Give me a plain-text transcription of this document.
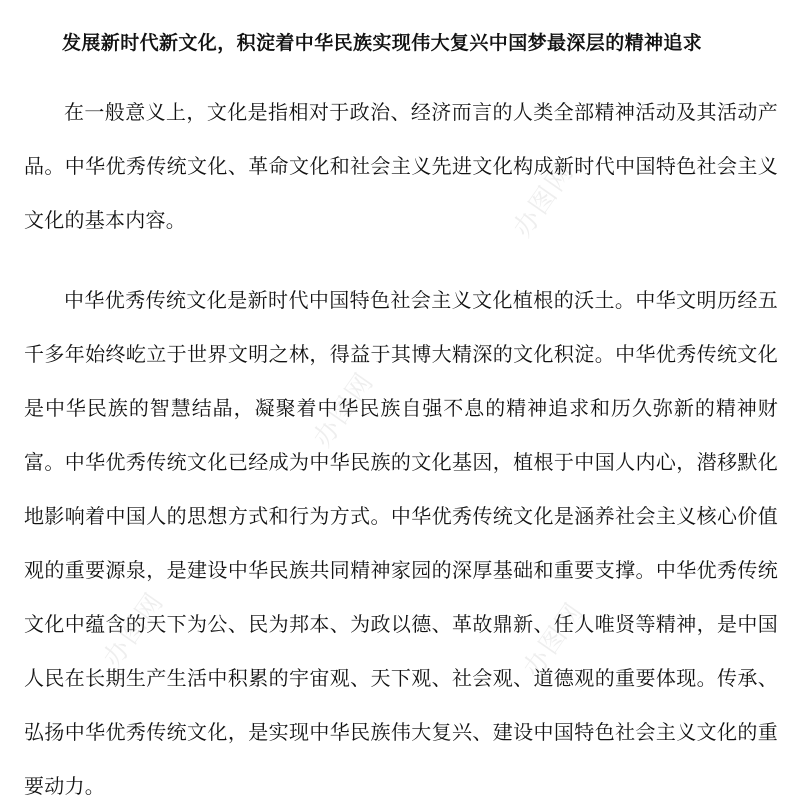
发展新时代新文化，积淀着中华民族实现伟大复兴中国梦最深层的精神追求

在一般意义上，文化是指相对于政治、经济而言的人类全部精神活动及其活动产品。中华优秀传统文化、革命文化和社会主义先进文化构成新时代中国特色社会主义文化的基本内容。

中华优秀传统文化是新时代中国特色社会主义文化植根的沃土。中华文明历经五千多年始终屹立于世界文明之林，得益于其博大精深的文化积淀。中华优秀传统文化是中华民族的智慧结晶，凝聚着中华民族自强不息的精神追求和历久弥新的精神财富。中华优秀传统文化已经成为中华民族的文化基因，植根于中国人内心，潜移默化地影响着中国人的思想方式和行为方式。中华优秀传统文化是涵养社会主义核心价值观的重要源泉，是建设中华民族共同精神家园的深厚基础和重要支撑。中华优秀传统文化中蕴含的天下为公、民为邦本、为政以德、革故鼎新、任人唯贤等精神，是中国人民在长期生产生活中积累的宇宙观、天下观、社会观、道德观的重要体现。传承、弘扬中华优秀传统文化，是实现中华民族伟大复兴、建设中国特色社会主义文化的重要动力。

办图网
办图网
办图网
办图网
